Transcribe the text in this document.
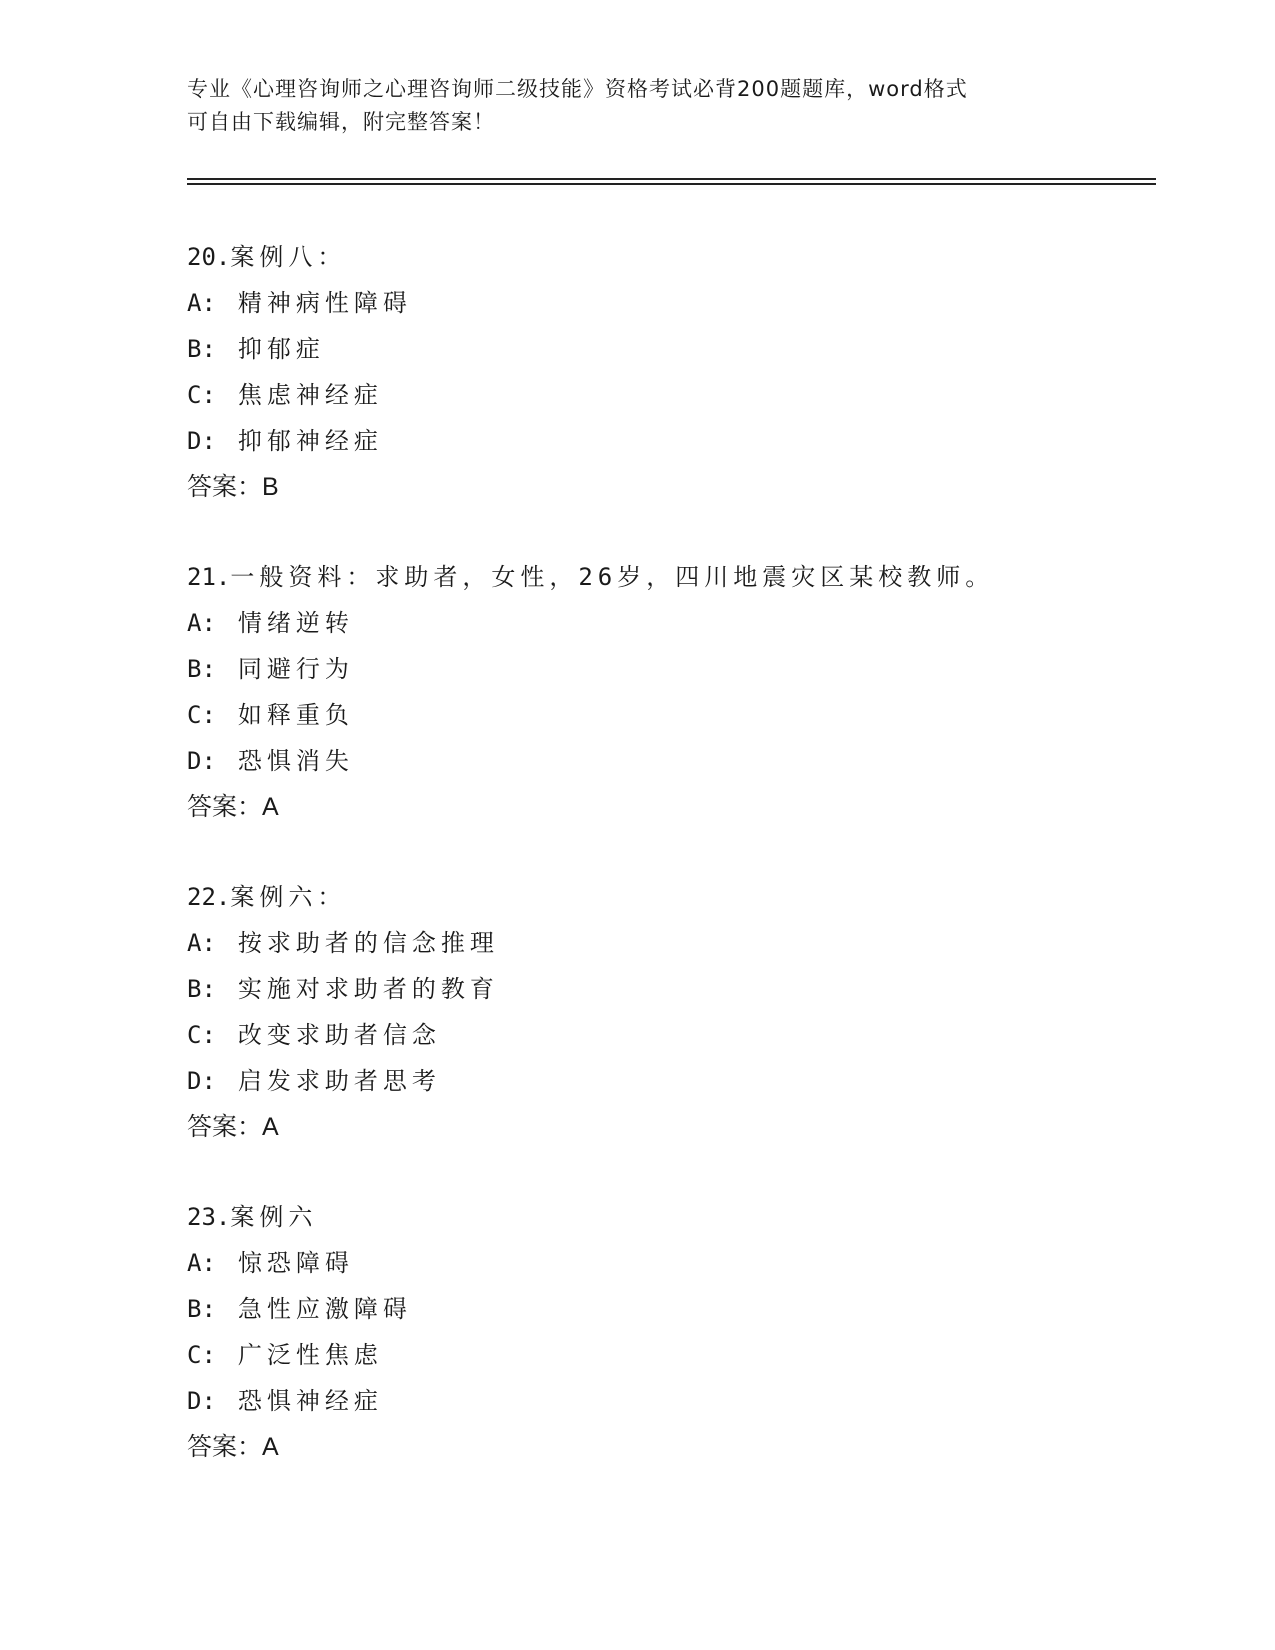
专业《心理咨询师之心理咨询师二级技能》资格考试必背200题题库，word格式
可自由下载编辑，附完整答案！
20.案例八：
A: 精神病性障碍
B: 抑郁症
C: 焦虑神经症
D: 抑郁神经症
答案：B
21.一般资料：求助者，女性，26岁，四川地震灾区某校教师。
A: 情绪逆转
B: 同避行为
C: 如释重负
D: 恐惧消失
答案：A
22.案例六：
A: 按求助者的信念推理
B: 实施对求助者的教育
C: 改变求助者信念
D: 启发求助者思考
答案：A
23.案例六
A: 惊恐障碍
B: 急性应激障碍
C: 广泛性焦虑
D: 恐惧神经症
答案：A
